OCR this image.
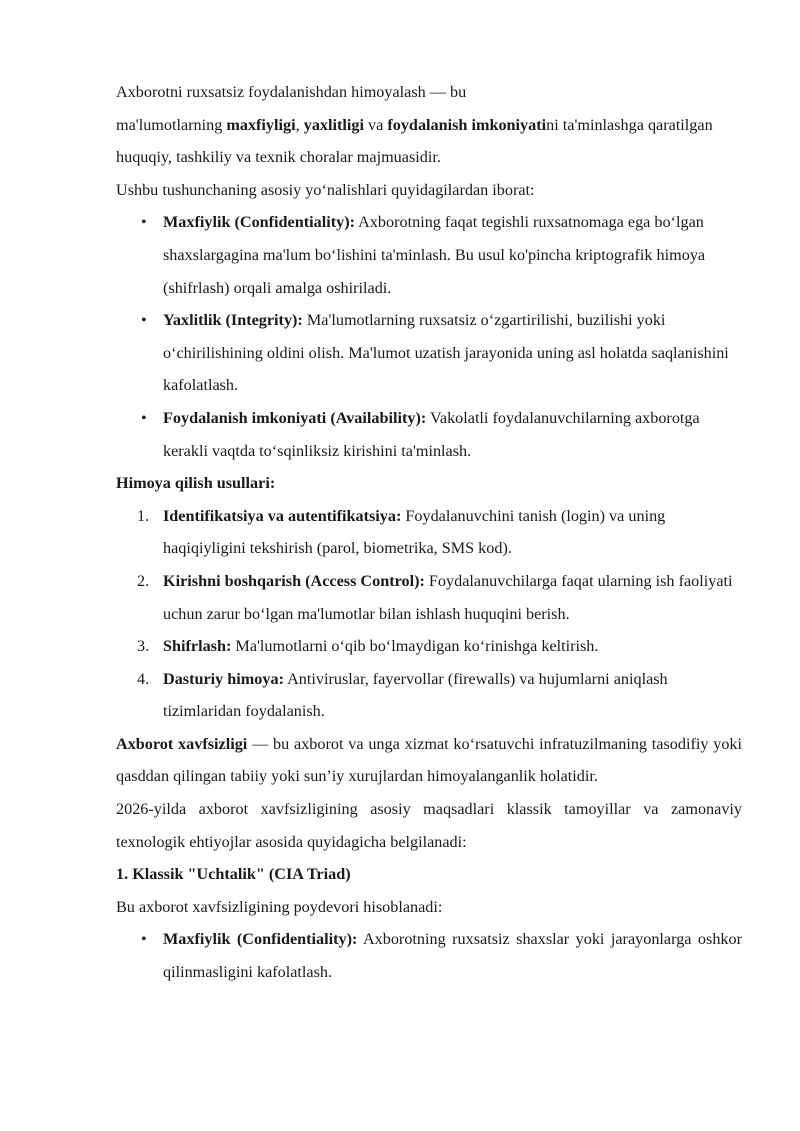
Axborotni ruxsatsiz foydalanishdan himoyalash — bu

ma'lumotlarning maxfiyligi, yaxlitligi va foydalanish imkoniyatini ta'minlashga qaratilgan huquqiy, tashkiliy va texnik choralar majmuasidir.

Ushbu tushunchaning asosiy yo‘nalishlari quyidagilardan iborat:

• Maxfiylik (Confidentiality): Axborotning faqat tegishli ruxsatnomaga ega bo‘lgan shaxslargagina ma'lum bo‘lishini ta'minlash. Bu usul ko'pincha kriptografik himoya (shifrlash) orqali amalga oshiriladi.
• Yaxlitlik (Integrity): Ma'lumotlarning ruxsatsiz o‘zgartirilishi, buzilishi yoki o‘chirilishining oldini olish. Ma'lumot uzatish jarayonida uning asl holatda saqlanishini kafolatlash.
• Foydalanish imkoniyati (Availability): Vakolatli foydalanuvchilarning axborotga kerakli vaqtda to‘sqinliksiz kirishini ta'minlash.

Himoya qilish usullari:

1. Identifikatsiya va autentifikatsiya: Foydalanuvchini tanish (login) va uning haqiqiyligini tekshirish (parol, biometrika, SMS kod).
2. Kirishni boshqarish (Access Control): Foydalanuvchilarga faqat ularning ish faoliyati uchun zarur bo‘lgan ma'lumotlar bilan ishlash huquqini berish.
3. Shifrlash: Ma'lumotlarni o‘qib bo‘lmaydigan ko‘rinishga keltirish.
4. Dasturiy himoya: Antiviruslar, fayervollar (firewalls) va hujumlarni aniqlash tizimlaridan foydalanish.

Axborot xavfsizligi — bu axborot va unga xizmat ko‘rsatuvchi infratuzilmaning tasodifiy yoki qasddan qilingan tabiiy yoki sun’iy xurujlardan himoyalanganlik holatidir.

2026-yilda axborot xavfsizligining asosiy maqsadlari klassik tamoyillar va zamonaviy texnologik ehtiyojlar asosida quyidagicha belgilanadi:

1. Klassik "Uchtalik" (CIA Triad)

Bu axborot xavfsizligining poydevori hisoblanadi:

• Maxfiylik (Confidentiality): Axborotning ruxsatsiz shaxslar yoki jarayonlarga oshkor qilinmasligini kafolatlash.
